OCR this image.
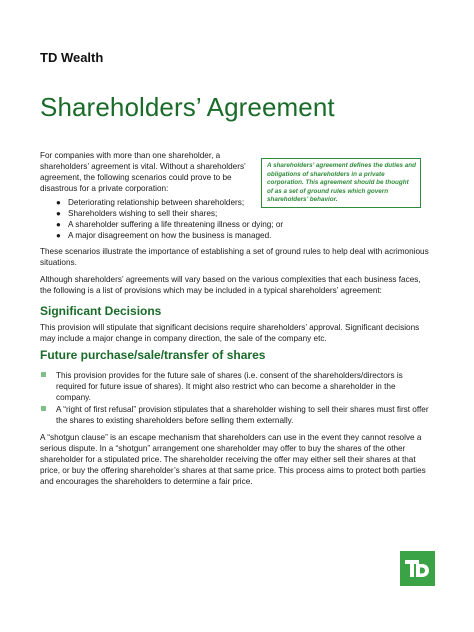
TD Wealth
Shareholders’ Agreement

For companies with more than one shareholder, a shareholders’ agreement is vital. Without a shareholders’ agreement, the following scenarios could prove to be disastrous for a private corporation:

A shareholders’ agreement defines the duties and obligations of shareholders in a private corporation. This agreement should be thought of as a set of ground rules which govern shareholders’ behavior.
● Deteriorating relationship between shareholders;
● Shareholders wishing to sell their shares;
● A shareholder suffering a life threatening illness or dying; or
● A major disagreement on how the business is managed.

These scenarios illustrate the importance of establishing a set of ground rules to help deal with acrimonious situations.

Although shareholders’ agreements will vary based on the various complexities that each business faces, the following is a list of provisions which may be included in a typical shareholders’ agreement:

Significant Decisions

This provision will stipulate that significant decisions require shareholders’ approval. Significant decisions may include a major change in company direction, the sale of the company etc.

Future purchase/sale/transfer of shares
This provision provides for the future sale of shares (i.e. consent of the shareholders/directors is required for future issue of shares). It might also restrict who can become a shareholder in the company.
A “right of first refusal” provision stipulates that a shareholder wishing to sell their shares must first offer the shares to existing shareholders before selling them externally.

A “shotgun clause” is an escape mechanism that shareholders can use in the event they cannot resolve a serious dispute. In a “shotgun” arrangement one shareholder may offer to buy the shares of the other shareholder for a stipulated price. The shareholder receiving the offer may either sell their shares at that price, or buy the offering shareholder’s shares at that same price. This process aims to protect both parties and encourages the shareholders to determine a fair price.
